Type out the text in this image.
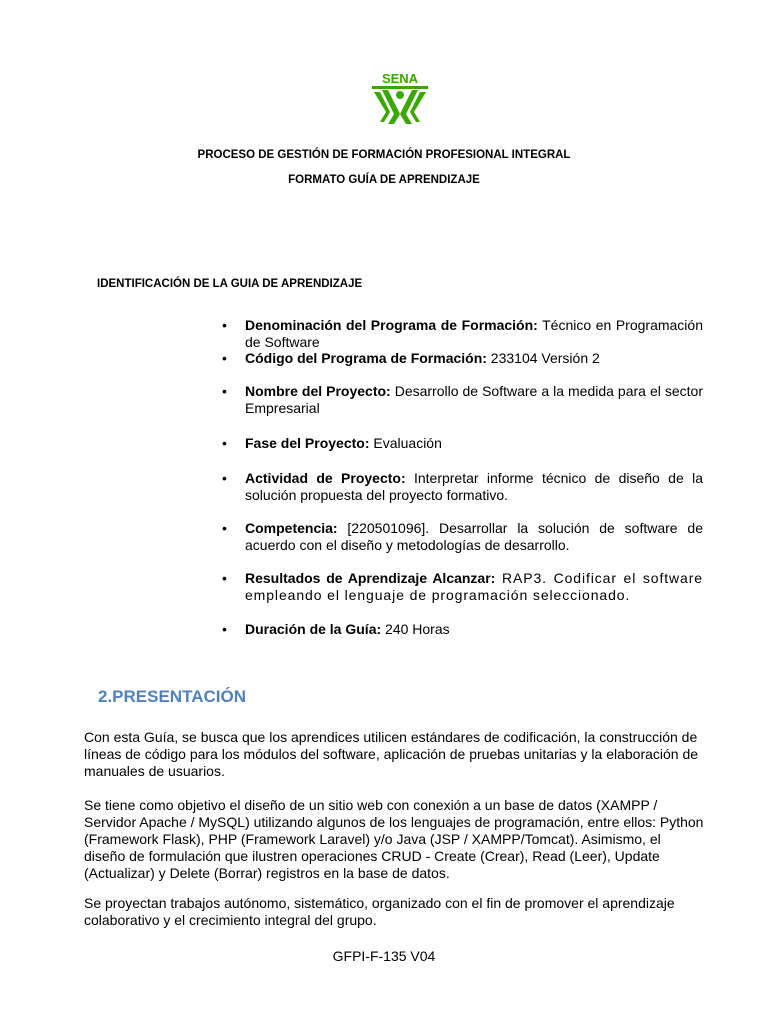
SENA
PROCESO DE GESTIÓN DE FORMACIÓN PROFESIONAL INTEGRAL
FORMATO GUÍA DE APRENDIZAJE
IDENTIFICACIÓN DE LA GUIA DE APRENDIZAJE
• Denominación del Programa de Formación: Técnico en Programación de Software
• Código del Programa de Formación: 233104 Versión 2
• Nombre del Proyecto: Desarrollo de Software a la medida para el sector Empresarial
• Fase del Proyecto: Evaluación
• Actividad de Proyecto: Interpretar informe técnico de diseño de la solución propuesta del proyecto formativo.
• Competencia: [220501096]. Desarrollar la solución de software de acuerdo con el diseño y metodologías de desarrollo.
• Resultados de Aprendizaje Alcanzar: RAP3. Codificar el software empleando el lenguaje de programación seleccionado.
• Duración de la Guía: 240 Horas
2.PRESENTACIÓN

Con esta Guía, se busca que los aprendices utilicen estándares de codificación, la construcción de líneas de código para los módulos del software, aplicación de pruebas unitarias y la elaboración de manuales de usuarios.

Se tiene como objetivo el diseño de un sitio web con conexión a un base de datos (XAMPP / Servidor Apache / MySQL) utilizando algunos de los lenguajes de programación, entre ellos: Python (Framework Flask), PHP (Framework Laravel) y/o Java (JSP / XAMPP/Tomcat). Asimismo, el diseño de formulación que ilustren operaciones CRUD - Create (Crear), Read (Leer), Update (Actualizar) y Delete (Borrar) registros en la base de datos.

Se proyectan trabajos autónomo, sistemático, organizado con el fin de promover el aprendizaje colaborativo y el crecimiento integral del grupo.

GFPI-F-135 V04
